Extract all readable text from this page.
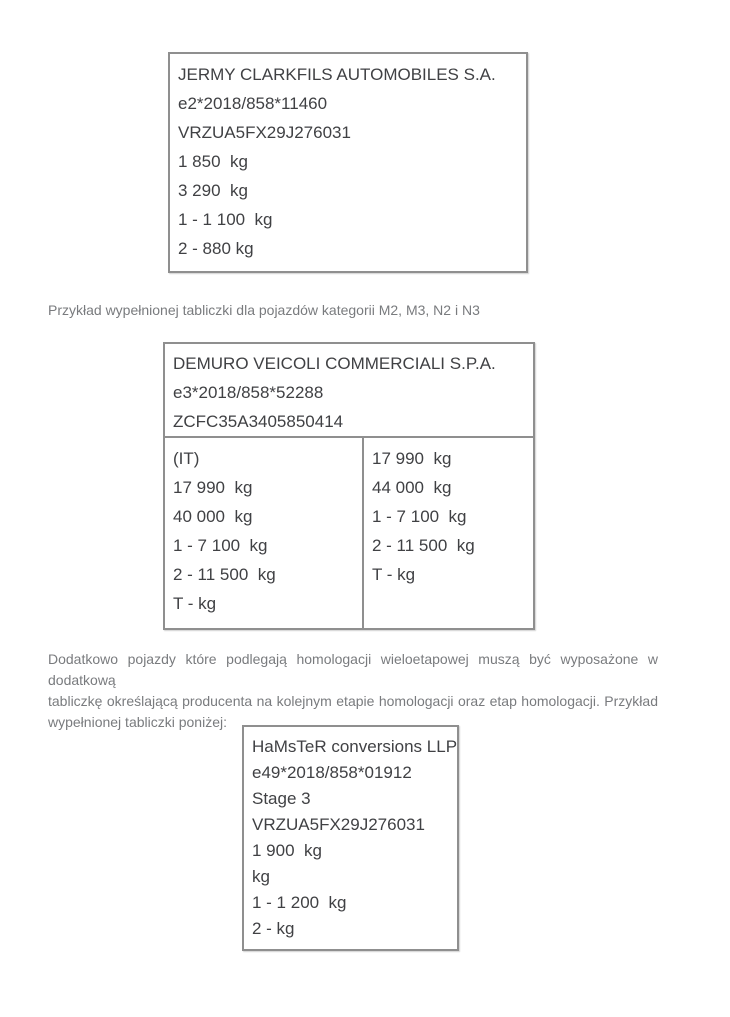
JERMY CLARKFILS AUTOMOBILES S.A.
e2*2018/858*11460
VRZUA5FX29J276031
1 850  kg
3 290  kg
1 - 1 100  kg
2 - 880 kg
Przykład wypełnionej tabliczki dla pojazdów kategorii M2, M3, N2 i N3
DEMURO VEICOLI COMMERCIALI S.P.A.
e3*2018/858*52288
ZCFC35A3405850414
(IT)
17 990  kg
40 000  kg
1 - 7 100  kg
2 - 11 500  kg
T - kg
17 990  kg
44 000  kg
1 - 7 100  kg
2 - 11 500  kg
T - kg
Dodatkowo pojazdy które podlegają homologacji wieloetapowej muszą być wyposażone w dodatkową
tabliczkę określającą producenta na kolejnym etapie homologacji oraz etap homologacji. Przykład
wypełnionej tabliczki poniżej:
HaMsTeR conversions LLP
e49*2018/858*01912
Stage 3
VRZUA5FX29J276031
1 900  kg
kg
1 - 1 200  kg
2 - kg
